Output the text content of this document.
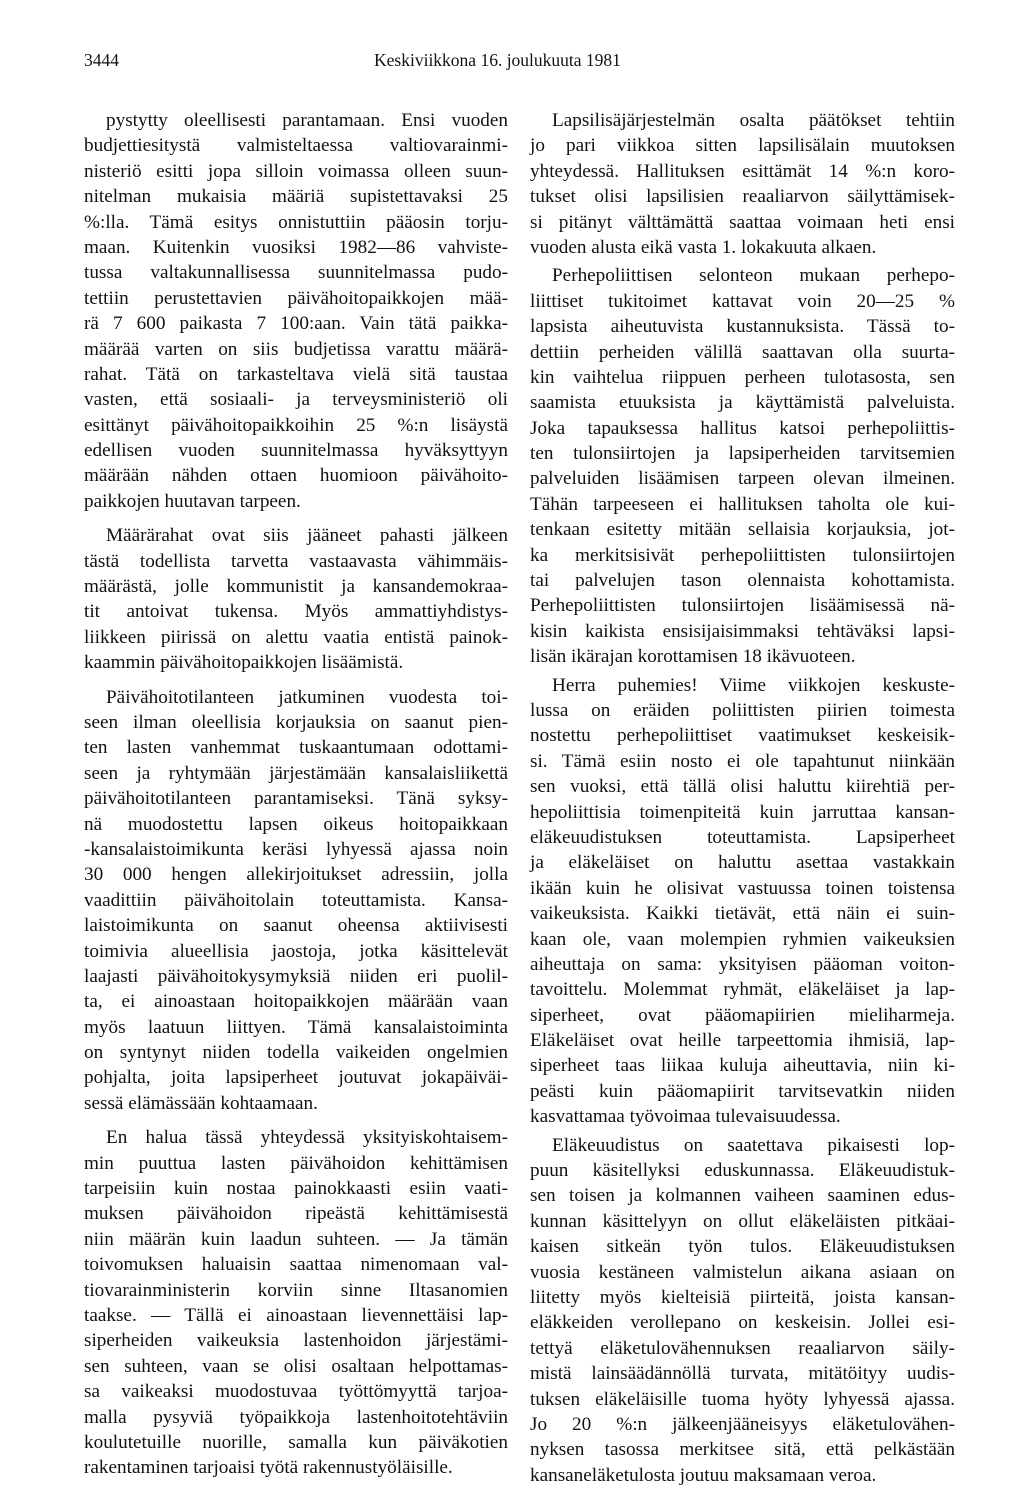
3444	Keskiviikkona 16. joulukuuta 1981
pystytty oleellisesti parantamaan. Ensi vuoden
budjettiesitystä valmisteltaessa valtiovarainmi-
nisteriö esitti jopa silloin voimassa olleen suun-
nitelman mukaisia määriä supistettavaksi 25
%:lla. Tämä esitys onnistuttiin pääosin torju-
maan. Kuitenkin vuosiksi 1982—86 vahviste-
tussa valtakunnallisessa suunnitelmassa pudo-
tettiin perustettavien päivähoitopaikkojen mää-
rä 7 600 paikasta 7 100:aan. Vain tätä paikka-
määrää varten on siis budjetissa varattu määrä-
rahat. Tätä on tarkasteltava vielä sitä taustaa
vasten, että sosiaali- ja terveysministeriö oli
esittänyt päivähoitopaikkoihin 25 %:n lisäystä
edellisen vuoden suunnitelmassa hyväksyttyyn
määrään nähden ottaen huomioon päivähoito-
paikkojen huutavan tarpeen.
Määrärahat ovat siis jääneet pahasti jälkeen
tästä todellista tarvetta vastaavasta vähimmäis-
määrästä, jolle kommunistit ja kansandemokraa-
tit antoivat tukensa. Myös ammattiyhdistys-
liikkeen piirissä on alettu vaatia entistä painok-
kaammin päivähoitopaikkojen lisäämistä.
Päivähoitotilanteen jatkuminen vuodesta toi-
seen ilman oleellisia korjauksia on saanut pien-
ten lasten vanhemmat tuskaantumaan odottami-
seen ja ryhtymään järjestämään kansalaisliikettä
päivähoitotilanteen parantamiseksi. Tänä syksy-
nä muodostettu lapsen oikeus hoitopaikkaan
-kansalaistoimikunta keräsi lyhyessä ajassa noin
30 000 hengen allekirjoitukset adressiin, jolla
vaadittiin päivähoitolain toteuttamista. Kansa-
laistoimikunta on saanut oheensa aktiivisesti
toimivia alueellisia jaostoja, jotka käsittelevät
laajasti päivähoitokysymyksiä niiden eri puolil-
ta, ei ainoastaan hoitopaikkojen määrään vaan
myös laatuun liittyen. Tämä kansalaistoiminta
on syntynyt niiden todella vaikeiden ongelmien
pohjalta, joita lapsiperheet joutuvat jokapäiväi-
sessä elämässään kohtaamaan.
En halua tässä yhteydessä yksityiskohtaisem-
min puuttua lasten päivähoidon kehittämisen
tarpeisiin kuin nostaa painokkaasti esiin vaati-
muksen päivähoidon ripeästä kehittämisestä
niin määrän kuin laadun suhteen. — Ja tämän
toivomuksen haluaisin saattaa nimenomaan val-
tiovarainministerin korviin sinne Iltasanomien
taakse. — Tällä ei ainoastaan lievennettäisi lap-
siperheiden vaikeuksia lastenhoidon järjestämi-
sen suhteen, vaan se olisi osaltaan helpottamas-
sa vaikeaksi muodostuvaa työttömyyttä tarjoa-
malla pysyviä työpaikkoja lastenhoitotehtäviin
koulutetuille nuorille, samalla kun päiväkotien
rakentaminen tarjoaisi työtä rakennustyöläisille.
Lapsilisäjärjestelmän osalta päätökset tehtiin
jo pari viikkoa sitten lapsilisälain muutoksen
yhteydessä. Hallituksen esittämät 14 %:n koro-
tukset olisi lapsilisien reaaliarvon säilyttämisek-
si pitänyt välttämättä saattaa voimaan heti ensi
vuoden alusta eikä vasta 1. lokakuuta alkaen.
Perhepoliittisen selonteon mukaan perhepo-
liittiset tukitoimet kattavat voin 20—25 %
lapsista aiheutuvista kustannuksista. Tässä to-
dettiin perheiden välillä saattavan olla suurta-
kin vaihtelua riippuen perheen tulotasosta, sen
saamista etuuksista ja käyttämistä palveluista.
Joka tapauksessa hallitus katsoi perhepoliittis-
ten tulonsiirtojen ja lapsiperheiden tarvitsemien
palveluiden lisäämisen tarpeen olevan ilmeinen.
Tähän tarpeeseen ei hallituksen taholta ole kui-
tenkaan esitetty mitään sellaisia korjauksia, jot-
ka merkitsisivät perhepoliittisten tulonsiirtojen
tai palvelujen tason olennaista kohottamista.
Perhepoliittisten tulonsiirtojen lisäämisessä nä-
kisin kaikista ensisijaisimmaksi tehtäväksi lapsi-
lisän ikärajan korottamisen 18 ikävuoteen.
Herra puhemies! Viime viikkojen keskuste-
lussa on eräiden poliittisten piirien toimesta
nostettu perhepoliittiset vaatimukset keskeisik-
si. Tämä esiin nosto ei ole tapahtunut niinkään
sen vuoksi, että tällä olisi haluttu kiirehtiä per-
hepoliittisia toimenpiteitä kuin jarruttaa kansan-
eläkeuudistuksen toteuttamista. Lapsiperheet
ja eläkeläiset on haluttu asettaa vastakkain
ikään kuin he olisivat vastuussa toinen toistensa
vaikeuksista. Kaikki tietävät, että näin ei suin-
kaan ole, vaan molempien ryhmien vaikeuksien
aiheuttaja on sama: yksityisen pääoman voiton-
tavoittelu. Molemmat ryhmät, eläkeläiset ja lap-
siperheet, ovat pääomapiirien mieliharmeja.
Eläkeläiset ovat heille tarpeettomia ihmisiä, lap-
siperheet taas liikaa kuluja aiheuttavia, niin ki-
peästi kuin pääomapiirit tarvitsevatkin niiden
kasvattamaa työvoimaa tulevaisuudessa.
Eläkeuudistus on saatettava pikaisesti lop-
puun käsitellyksi eduskunnassa. Eläkeuudistuk-
sen toisen ja kolmannen vaiheen saaminen edus-
kunnan käsittelyyn on ollut eläkeläisten pitkäai-
kaisen sitkeän työn tulos. Eläkeuudistuksen
vuosia kestäneen valmistelun aikana asiaan on
liitetty myös kielteisiä piirteitä, joista kansan-
eläkkeiden verollepano on keskeisin. Jollei esi-
tettyä eläketulovähennuksen reaaliarvon säily-
mistä lainsäädännöllä turvata, mitätöityy uudis-
tuksen eläkeläisille tuoma hyöty lyhyessä ajassa.
Jo 20 %:n jälkeenjääneisyys eläketulovähen-
nyksen tasossa merkitsee sitä, että pelkästään
kansaneläketulosta joutuu maksamaan veroa.
